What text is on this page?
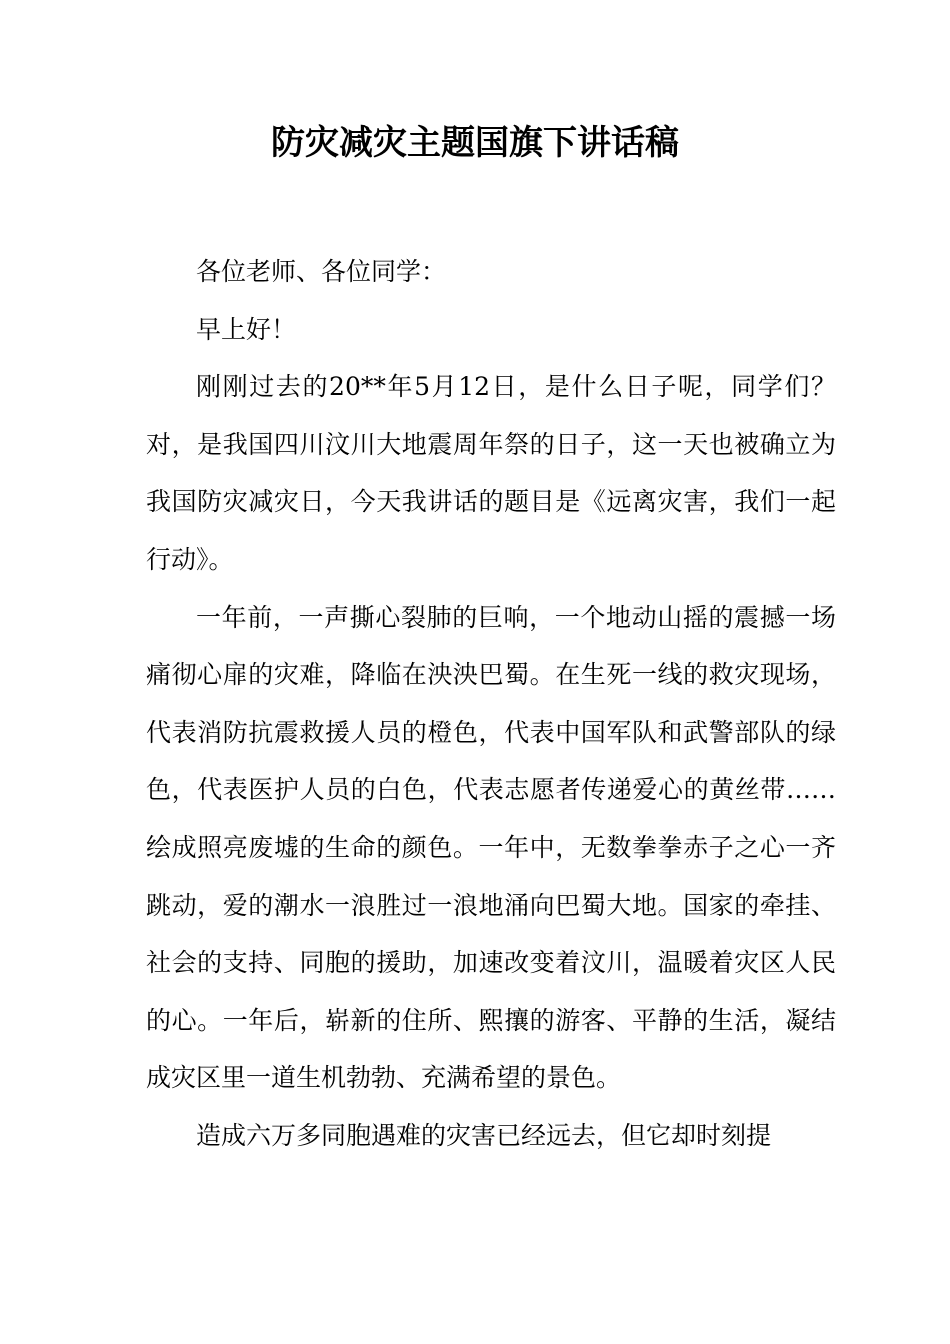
防灾减灾主题国旗下讲话稿

各位老师、各位同学：

早上好！

刚刚过去的20**年5月12日，是什么日子呢，同学们？对，是我国四川汶川大地震周年祭的日子，这一天也被确立为我国防灾减灾日，今天我讲话的题目是《远离灾害，我们一起行动》。

一年前，一声撕心裂肺的巨响，一个地动山摇的震撼一场痛彻心扉的灾难，降临在泱泱巴蜀。在生死一线的救灾现场，代表消防抗震救援人员的橙色，代表中国军队和武警部队的绿色，代表医护人员的白色，代表志愿者传递爱心的黄丝带……绘成照亮废墟的生命的颜色。一年中，无数拳拳赤子之心一齐跳动，爱的潮水一浪胜过一浪地涌向巴蜀大地。国家的牵挂、社会的支持、同胞的援助，加速改变着汶川，温暖着灾区人民的心。一年后，崭新的住所、熙攘的游客、平静的生活，凝结成灾区里一道生机勃勃、充满希望的景色。

造成六万多同胞遇难的灾害已经远去，但它却时刻提
